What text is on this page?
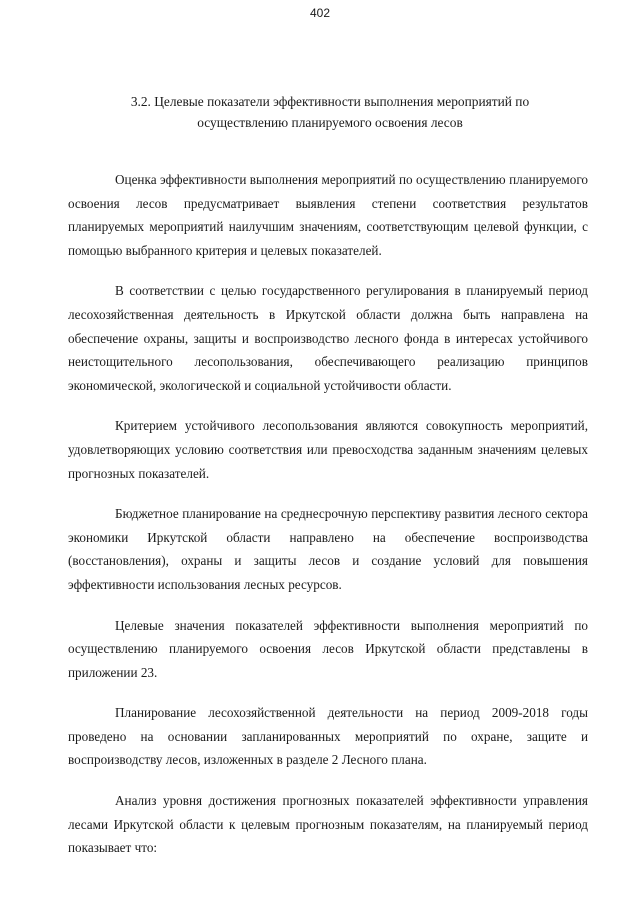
402
3.2. Целевые показатели эффективности выполнения мероприятий по
осуществлению планируемого освоения лесов

Оценка эффективности выполнения мероприятий по осуществлению планируемого освоения лесов предусматривает выявления степени соответствия результатов планируемых мероприятий наилучшим значениям, соответствующим целевой функции, с помощью выбранного критерия и целевых показателей.

В соответствии с целью государственного регулирования в планируемый период лесохозяйственная деятельность в Иркутской области должна быть направлена на обеспечение охраны, защиты и воспроизводство лесного фонда в интересах устойчивого неистощительного лесопользования, обеспечивающего реализацию принципов экономической, экологической и социальной устойчивости области.

Критерием устойчивого лесопользования являются совокупность мероприятий, удовлетворяющих условию соответствия или превосходства заданным значениям целевых прогнозных показателей.

Бюджетное планирование на среднесрочную перспективу развития лесного сектора экономики Иркутской области направлено на обеспечение воспроизводства (восстановления), охраны и защиты лесов и создание условий для повышения эффективности использования лесных ресурсов.

Целевые значения показателей эффективности выполнения мероприятий по осуществлению планируемого освоения лесов Иркутской области представлены в приложении 23.

Планирование лесохозяйственной деятельности на период 2009-2018 годы проведено на основании запланированных мероприятий по охране, защите и воспроизводству лесов, изложенных в разделе 2 Лесного плана.

Анализ уровня достижения прогнозных показателей эффективности управления лесами Иркутской области к целевым прогнозным показателям, на планируемый период показывает что:
